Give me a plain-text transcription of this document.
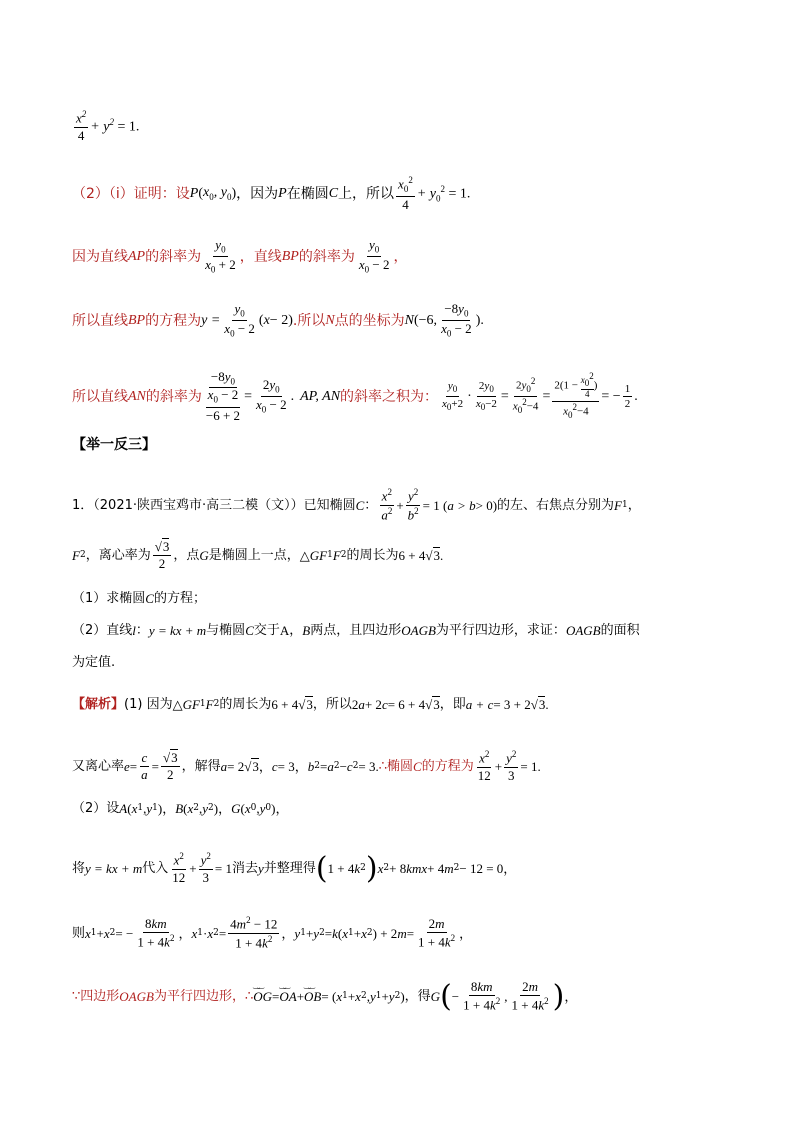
$x^2$
4
+ $y^2 = 1$.
（2）（ⅰ）证明：设 P ( $x_0$, $y_0$ ) ，因为 P 在椭圆 C 上，所以
$x_0^2$
4
+ $y_0^2 = 1$.
因为直线 AP 的斜率为
$y_0$
$x_0 + 2$ ，直线 BP 的斜率为
$y_0$
$x_0 - 2$ ，
所以直线 BP 的方程为 $y = \frac{y_0}{x_0 - 2}$ ( x − 2) .所以 N 点的坐标为 N (−6,
$-8y_0$
$x_0 - 2$
).
所以直线 AN 的斜率为 $-8y_0$
$x_0 - 2$
$-6 + 2 = \frac{2y_0}{x_0 - 2}$ . AP, AN 的斜率之积为：
$y_0$
$x_0+2$
· $\frac{2y_0}{x_0-2} = \frac{2y_0^2}{x_0^2-4} = \frac{2(1 - \frac{x02}{4} )}{x_0^2-4}$ = − $\frac{1}{2}$ .
【举一反三】
1．（2021·陕西宝鸡市·高三二模（文））已知椭圆 C ：
$x^2$
$a^2 + \frac{y^2}{b^2} = 1$ ( a > b > 0) 的左、右焦点分别为 F 1 ，
F 2 ，离心率为
√3
2
，点 G 是椭圆上一点， △ GF 1 F 2 的周长为 6 + 4√3.
（1）求椭圆 C 的方程；
（2）直线 l ： y = kx + m 与椭圆 C 交于 A ， B 两点，且四边形 OAGB 为平行四边形，求证： OAGB 的面积
为定值.
【解析】 (1) 因为 △ GF 1 F 2 的周长为 6 + 4√3 ，所以 2 a + 2 c = 6 + 4√3 ，即 a + c = 3 + 2√3.
又离心率 $e = \frac{c}{a} = \frac{√3}{2}$ ，解得 a = 2√3， c = 3， b 2 = a 2 − c 2 = 3. ∴椭圆 C 的方程为
$x^2$
12
+ $\frac{y^2}{3} = 1$.
（2）设 A ( x 1 , y 1 )， B ( x 2 , y 2 )， G ( x 0 , y 0 )，
将 y = kx + m 代入
$x^2$
12
+ $\frac{y^2}{3} = 1$ 消去 y 并整理得 ( 1 + 4 k 2 ) x 2 + 8 kmx + 4 m 2 − 12 = 0，
则 x 1 + x 2 = − $\frac{8km}{1 + 4k^2}$ ， x 1 · x $2 = \frac{4m^2 - 12}{1 + 4k^2}$ ， y 1 + y 2 = k ( x 1 + x 2 ) + 2 $m = \frac{2m}{1 + 4k^2}$ ，
∵四边形 OAGB 为平行四边形，∴ ‿‿ OG = ‿‿ OA + ‿‿ OB = ( x 1 + x 2 , y 1 + y 2 ) ，得 G ( − $\frac{8km}{1 + 4k^2}$ ,
2m
$1 + 4k^2$ ) ，
